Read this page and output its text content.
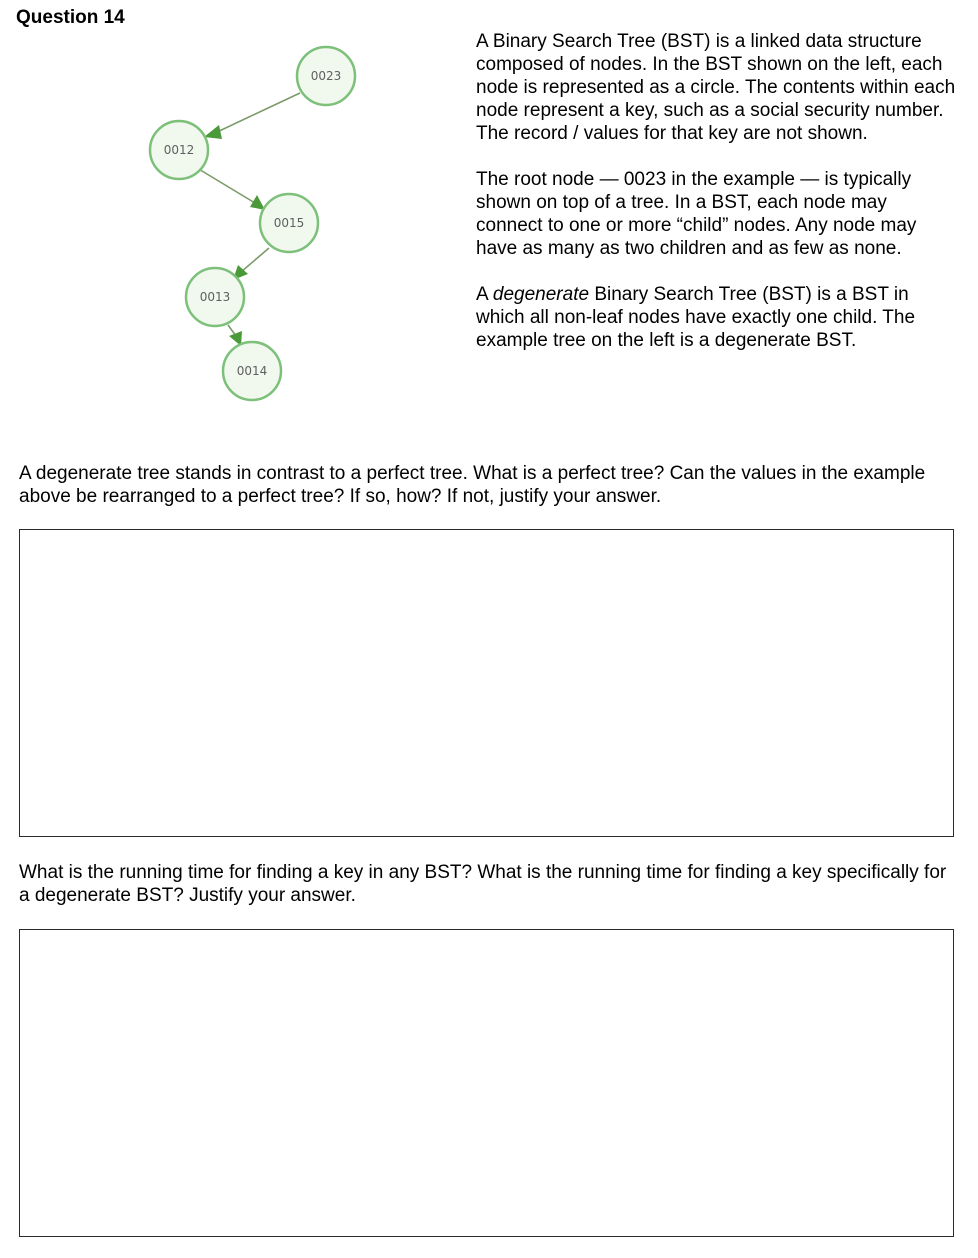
Question 14
0023
0012
0015
0013
0014

A Binary Search Tree (BST) is a linked data structure composed of nodes. In the BST shown on the left, each node is represented as a circle. The contents within each node represent a key, such as a social security number. The record / values for that key are not shown.

The root node — 0023 in the example — is typically shown on top of a tree. In a BST, each node may connect to one or more “child” nodes. Any node may have as many as two children and as few as none.

A degenerate Binary Search Tree (BST) is a BST in which all non-leaf nodes have exactly one child. The example tree on the left is a degenerate BST.

A degenerate tree stands in contrast to a perfect tree. What is a perfect tree? Can the values in the example above be rearranged to a perfect tree? If so, how? If not, justify your answer.
What is the running time for finding a key in any BST? What is the running time for finding a key specifically for a degenerate BST? Justify your answer.
